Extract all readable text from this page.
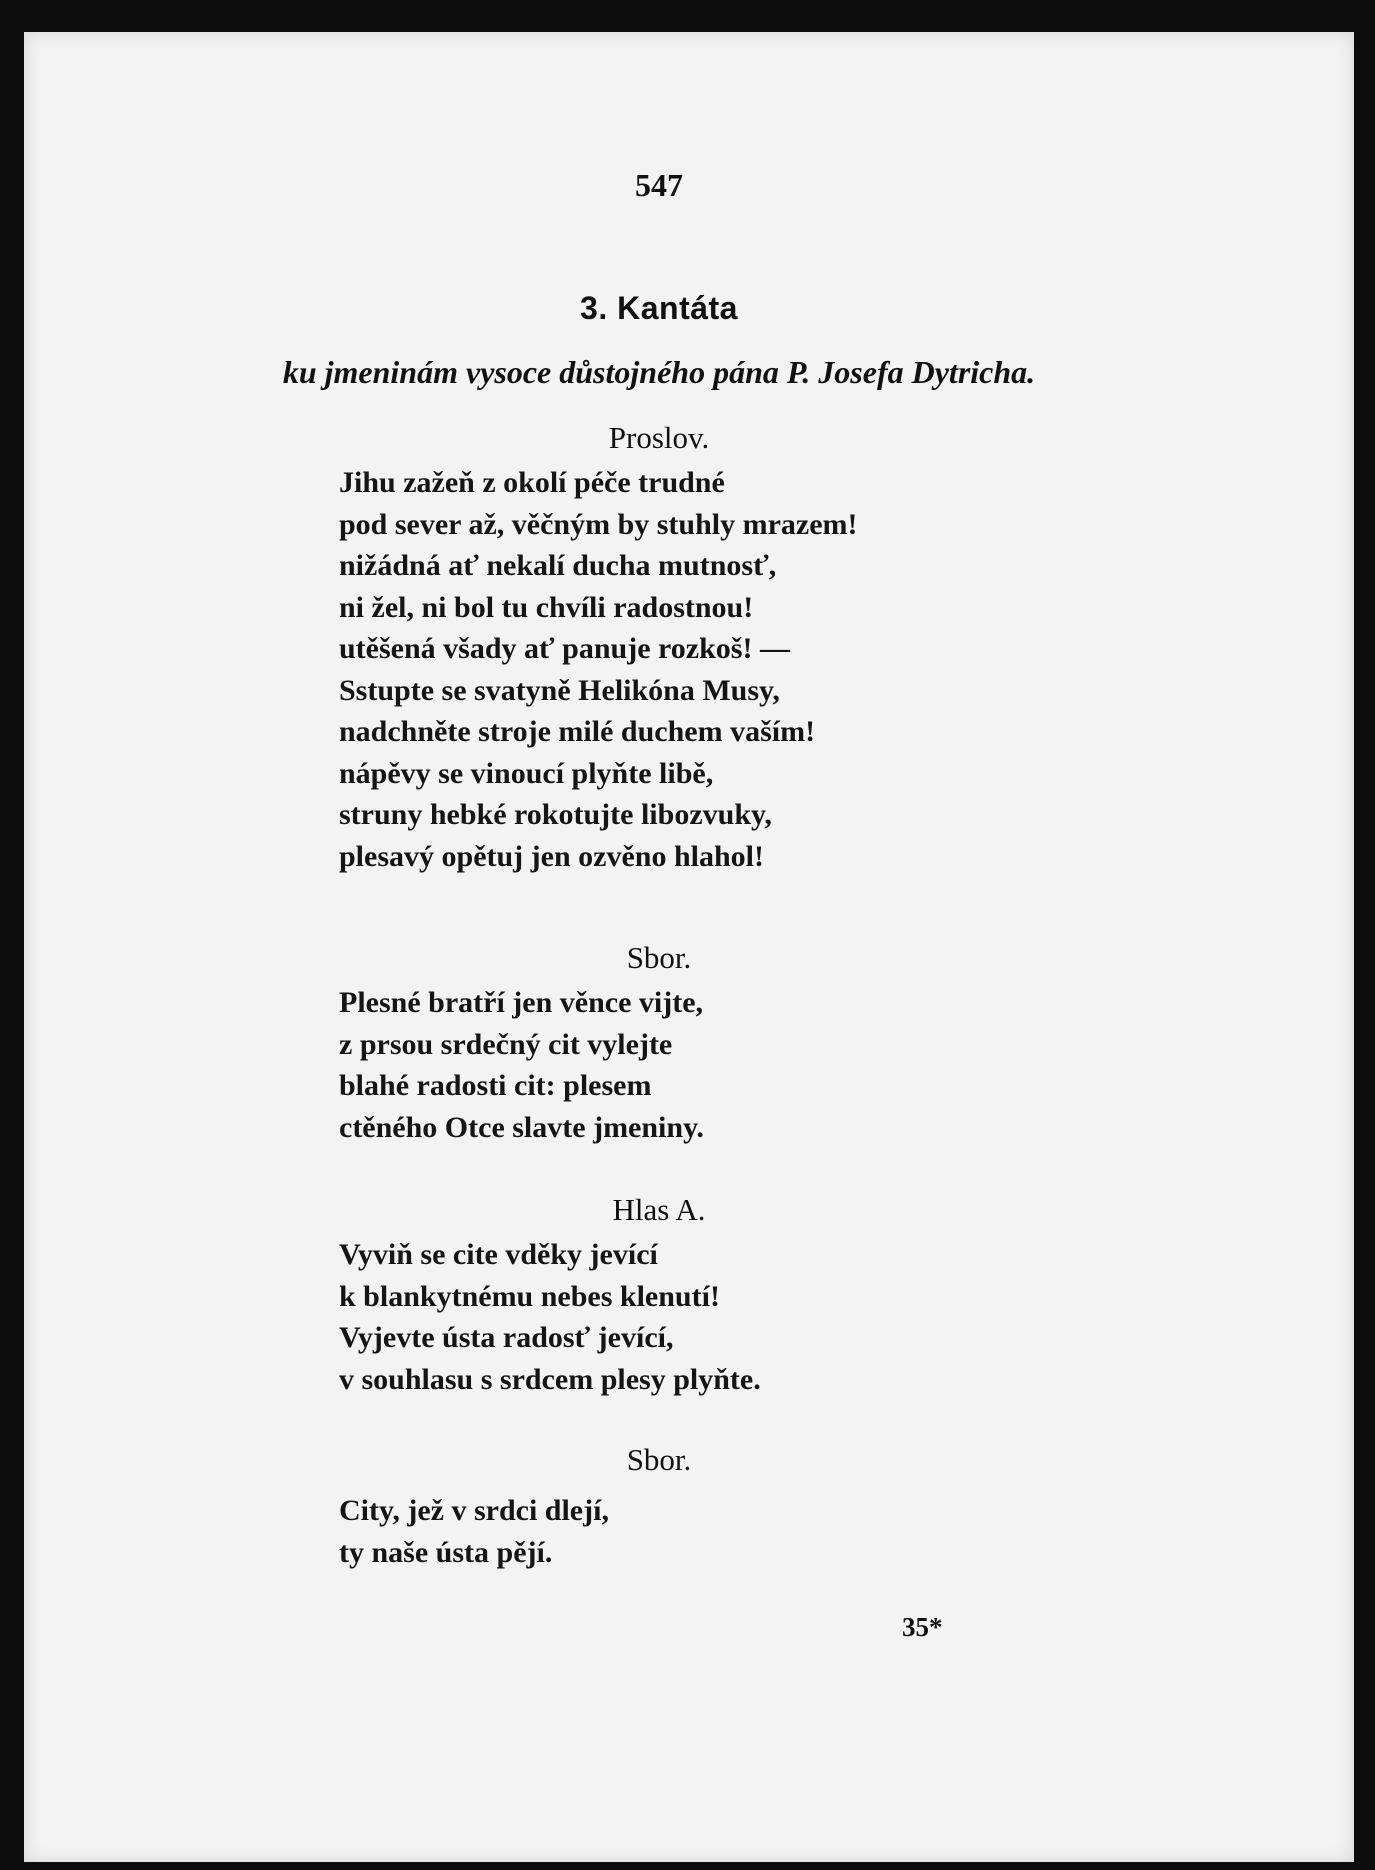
547
3. Kantáta
ku jmeninám vysoce důstojného pána P. Josefa Dytricha.
Proslov.
Jihu zažeň z okolí péče trudné
pod sever až, věčným by stuhly mrazem!
nižádná ať nekalí ducha mutnosť,
ni žel, ni bol tu chvíli radostnou!
utěšená všady ať panuje rozkoš! —
Sstupte se svatyně Helikóna Musy,
nadchněte stroje milé duchem vaším!
nápěvy se vinoucí plyňte libě,
struny hebké rokotujte libozvuky,
plesavý opětuj jen ozvěno hlahol!
Sbor.
Plesné bratří jen věnce vijte,
z prsou srdečný cit vylejte
blahé radosti cit: plesem
ctěného Otce slavte jmeniny.
Hlas A.
Vyviň se cite vděky jevící
k blankytnému nebes klenutí!
Vyjevte ústa radosť jevící,
v souhlasu s srdcem plesy plyňte.
Sbor.
City, jež v srdci dlejí,
ty naše ústa pějí.
35*
